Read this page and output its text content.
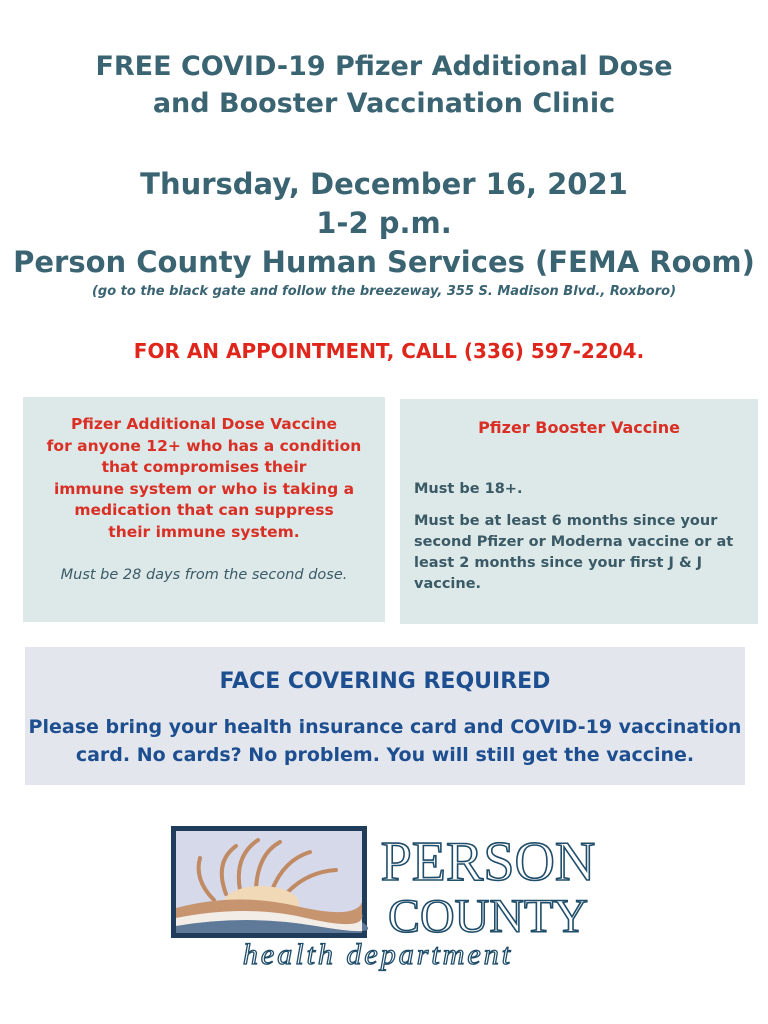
FREE COVID-19 Pfizer Additional Dose
and Booster Vaccination Clinic
Thursday, December 16, 2021
1-2 p.m.
Person County Human Services (FEMA Room)
(go to the black gate and follow the breezeway, 355 S. Madison Blvd., Roxboro)
FOR AN APPOINTMENT, CALL (336) 597-2204.
Pfizer Additional Dose Vaccine
for anyone 12+ who has a condition
that compromises their
immune system or who is taking a
medication that can suppress
their immune system.
Must be 28 days from the second dose.
Pfizer Booster Vaccine
Must be 18+.
Must be at least 6 months since your
second Pfizer or Moderna vaccine or at
least 2 months since your first J & J
vaccine.
FACE COVERING REQUIRED
Please bring your health insurance card and COVID-19 vaccination
card. No cards? No problem. You will still get the vaccine.
PERSON
COUNTY
health department
